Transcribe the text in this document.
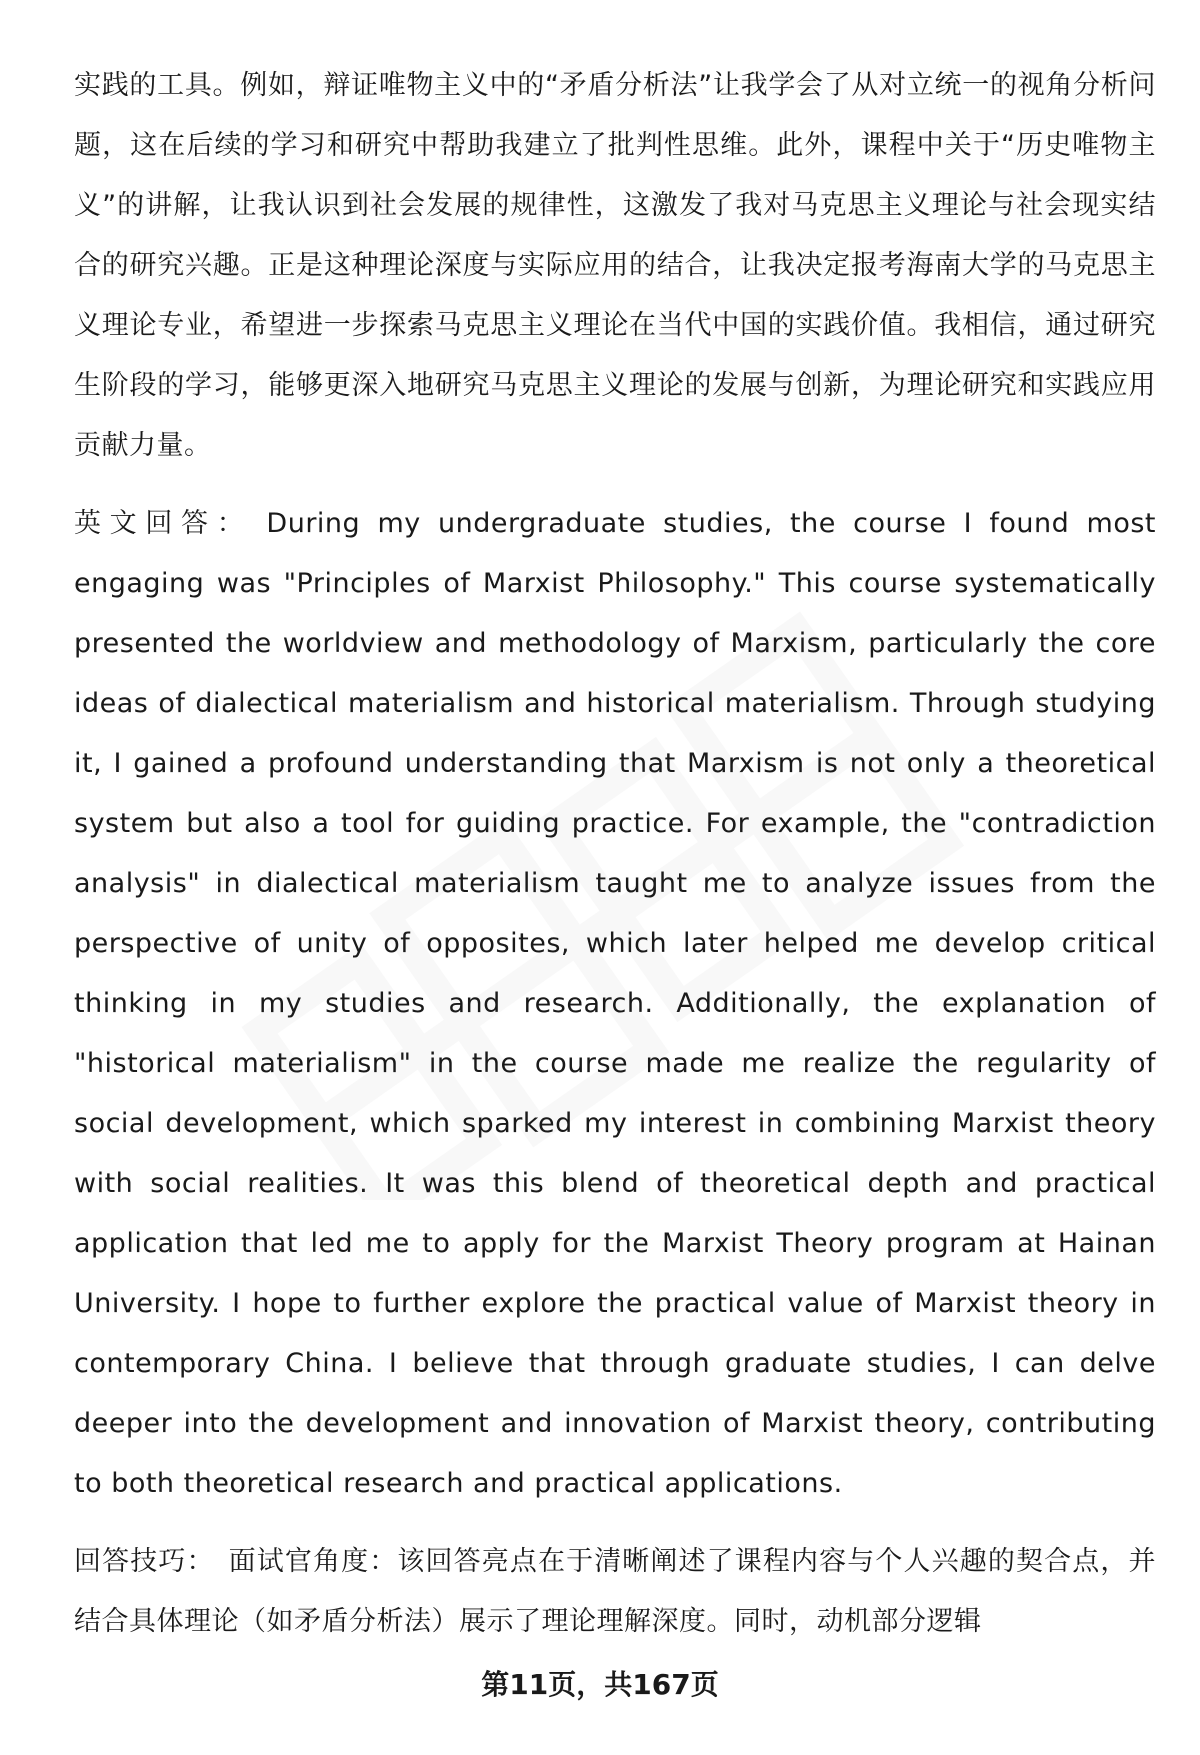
实践的工具。例如，辩证唯物主义中的“矛盾分析法”让我学会了从对立统一的视角分析问题，这在后续的学习和研究中帮助我建立了批判性思维。此外，课程中关于“历史唯物主义”的讲解，让我认识到社会发展的规律性，这激发了我对马克思主义理论与社会现实结合的研究兴趣。正是这种理论深度与实际应用的结合，让我决定报考海南大学的马克思主义理论专业，希望进一步探索马克思主义理论在当代中国的实践价值。我相信，通过研究生阶段的学习，能够更深入地研究马克思主义理论的发展与创新，为理论研究和实践应用贡献力量。

英文回答： During my undergraduate studies, the course I found most engaging was "Principles of Marxist Philosophy." This course systematically presented the worldview and methodology of Marxism, particularly the core ideas of dialectical materialism and historical materialism. Through studying it, I gained a profound understanding that Marxism is not only a theoretical system but also a tool for guiding practice. For example, the "contradiction analysis" in dialectical materialism taught me to analyze issues from the perspective of unity of opposites, which later helped me develop critical thinking in my studies and research. Additionally, the explanation of "historical materialism" in the course made me realize the regularity of social development, which sparked my interest in combining Marxist theory with social realities. It was this blend of theoretical depth and practical application that led me to apply for the Marxist Theory program at Hainan University. I hope to further explore the practical value of Marxist theory in contemporary China. I believe that through graduate studies, I can delve deeper into the development and innovation of Marxist theory, contributing to both theoretical research and practical applications.

回答技巧： 面试官角度：该回答亮点在于清晰阐述了课程内容与个人兴趣的契合点，并结合具体理论（如矛盾分析法）展示了理论理解深度。同时，动机部分逻辑

第11页，共167页
